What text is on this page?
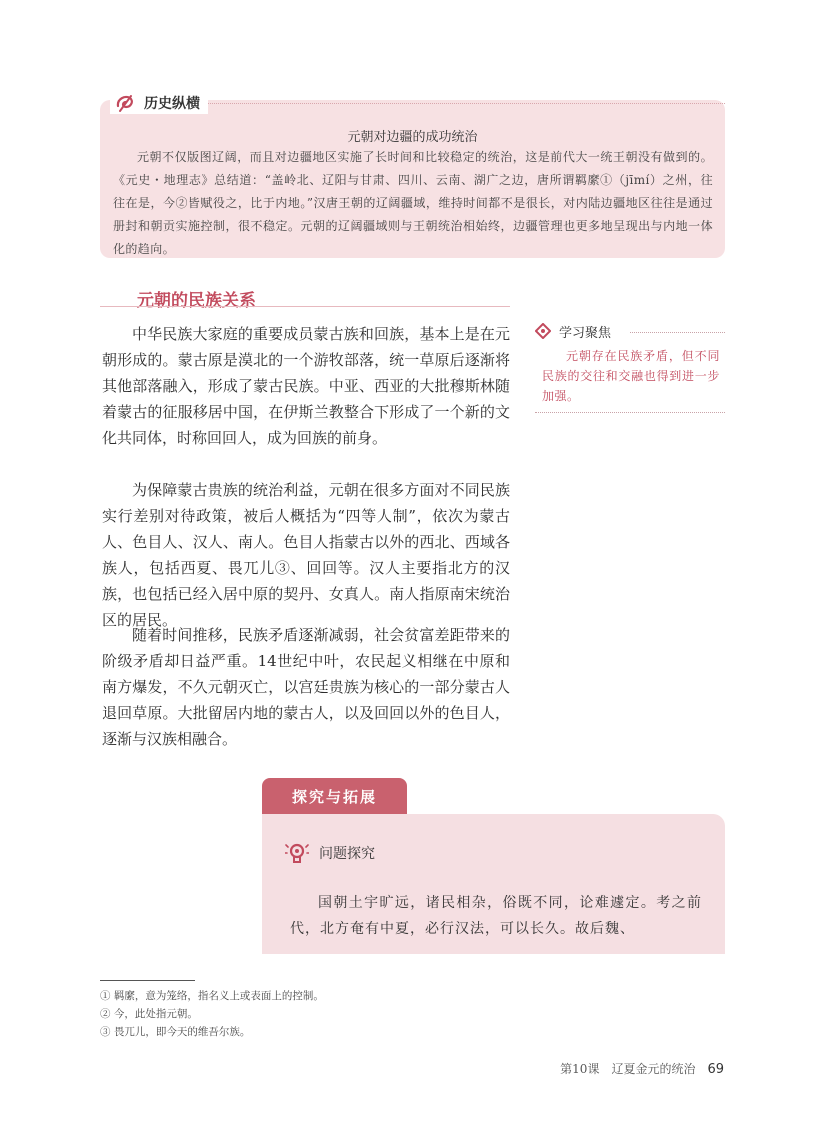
历史纵横
元朝对边疆的成功统治
元朝不仅版图辽阔，而且对边疆地区实施了长时间和比较稳定的统治，这是前代大一统王朝没有做到的。《元史・地理志》总结道：“盖岭北、辽阳与甘肃、四川、云南、湖广之边，唐所谓羁縻①（jīmí）之州，往往在是，今②皆赋役之，比于内地。”汉唐王朝的辽阔疆域，维持时间都不是很长，对内陆边疆地区往往是通过册封和朝贡实施控制，很不稳定。元朝的辽阔疆域则与王朝统治相始终，边疆管理也更多地呈现出与内地一体化的趋向。
元朝的民族关系
中华民族大家庭的重要成员蒙古族和回族，基本上是在元朝形成的。蒙古原是漠北的一个游牧部落，统一草原后逐渐将其他部落融入，形成了蒙古民族。中亚、西亚的大批穆斯林随着蒙古的征服移居中国，在伊斯兰教整合下形成了一个新的文化共同体，时称回回人，成为回族的前身。
为保障蒙古贵族的统治利益，元朝在很多方面对不同民族实行差别对待政策，被后人概括为“四等人制”，依次为蒙古人、色目人、汉人、南人。色目人指蒙古以外的西北、西域各族人，包括西夏、畏兀儿③、回回等。汉人主要指北方的汉族，也包括已经入居中原的契丹、女真人。南人指原南宋统治区的居民。
随着时间推移，民族矛盾逐渐减弱，社会贫富差距带来的阶级矛盾却日益严重。14世纪中叶，农民起义相继在中原和南方爆发，不久元朝灭亡，以宫廷贵族为核心的一部分蒙古人退回草原。大批留居内地的蒙古人，以及回回以外的色目人，逐渐与汉族相融合。
学习聚焦
元朝存在民族矛盾，但不同民族的交往和交融也得到进一步加强。
探究与拓展
问题探究
国朝土宇旷远，诸民相杂，俗既不同，论难遽定。考之前代，北方奄有中夏，必行汉法，可以长久。故后魏、
① 羁縻，意为笼络，指名义上或表面上的控制。
② 今，此处指元朝。
③ 畏兀儿，即今天的维吾尔族。
第10课　辽夏金元的统治 69
